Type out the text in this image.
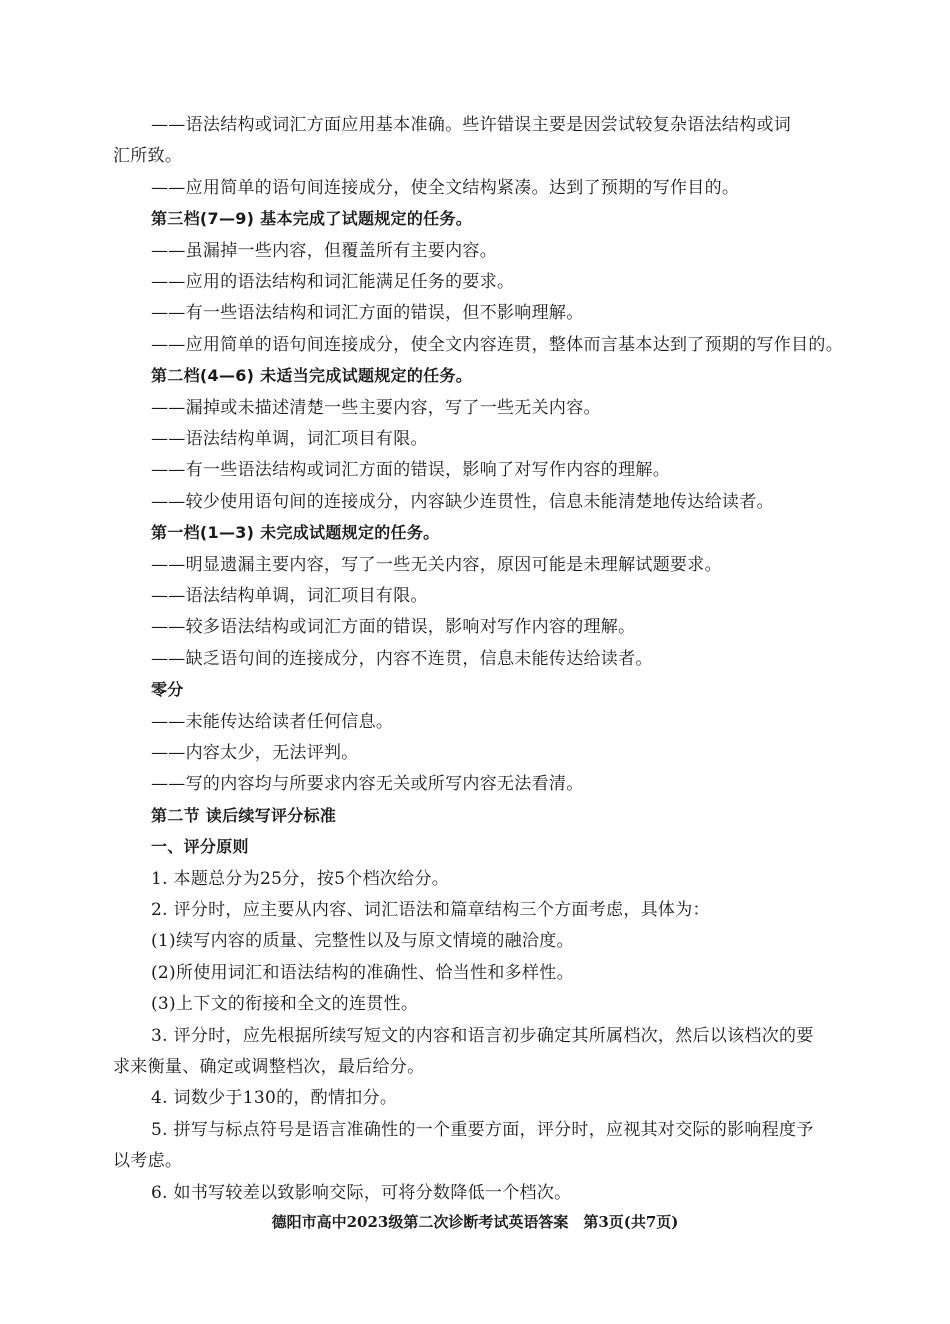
——语法结构或词汇方面应用基本准确。些许错误主要是因尝试较复杂语法结构或词
汇所致。
——应用简单的语句间连接成分，使全文结构紧凑。达到了预期的写作目的。
第三档(7—9) 基本完成了试题规定的任务。
——虽漏掉一些内容，但覆盖所有主要内容。
——应用的语法结构和词汇能满足任务的要求。
——有一些语法结构和词汇方面的错误，但不影响理解。
——应用简单的语句间连接成分，使全文内容连贯，整体而言基本达到了预期的写作目的。
第二档(4—6) 未适当完成试题规定的任务。
——漏掉或未描述清楚一些主要内容，写了一些无关内容。
——语法结构单调，词汇项目有限。
——有一些语法结构或词汇方面的错误，影响了对写作内容的理解。
——较少使用语句间的连接成分，内容缺少连贯性，信息未能清楚地传达给读者。
第一档(1—3) 未完成试题规定的任务。
——明显遗漏主要内容，写了一些无关内容，原因可能是未理解试题要求。
——语法结构单调，词汇项目有限。
——较多语法结构或词汇方面的错误，影响对写作内容的理解。
——缺乏语句间的连接成分，内容不连贯，信息未能传达给读者。
零分
——未能传达给读者任何信息。
——内容太少，无法评判。
——写的内容均与所要求内容无关或所写内容无法看清。
第二节 读后续写评分标准
一、评分原则
1. 本题总分为25分，按5个档次给分。
2. 评分时，应主要从内容、词汇语法和篇章结构三个方面考虑，具体为：
(1)续写内容的质量、完整性以及与原文情境的融洽度。
(2)所使用词汇和语法结构的准确性、恰当性和多样性。
(3)上下文的衔接和全文的连贯性。
3. 评分时，应先根据所续写短文的内容和语言初步确定其所属档次，然后以该档次的要
求来衡量、确定或调整档次，最后给分。
4. 词数少于130的，酌情扣分。
5. 拼写与标点符号是语言准确性的一个重要方面，评分时，应视其对交际的影响程度予
以考虑。
6. 如书写较差以致影响交际，可将分数降低一个档次。
德阳市高中2023级第二次诊断考试英语答案　第3页(共7页)
